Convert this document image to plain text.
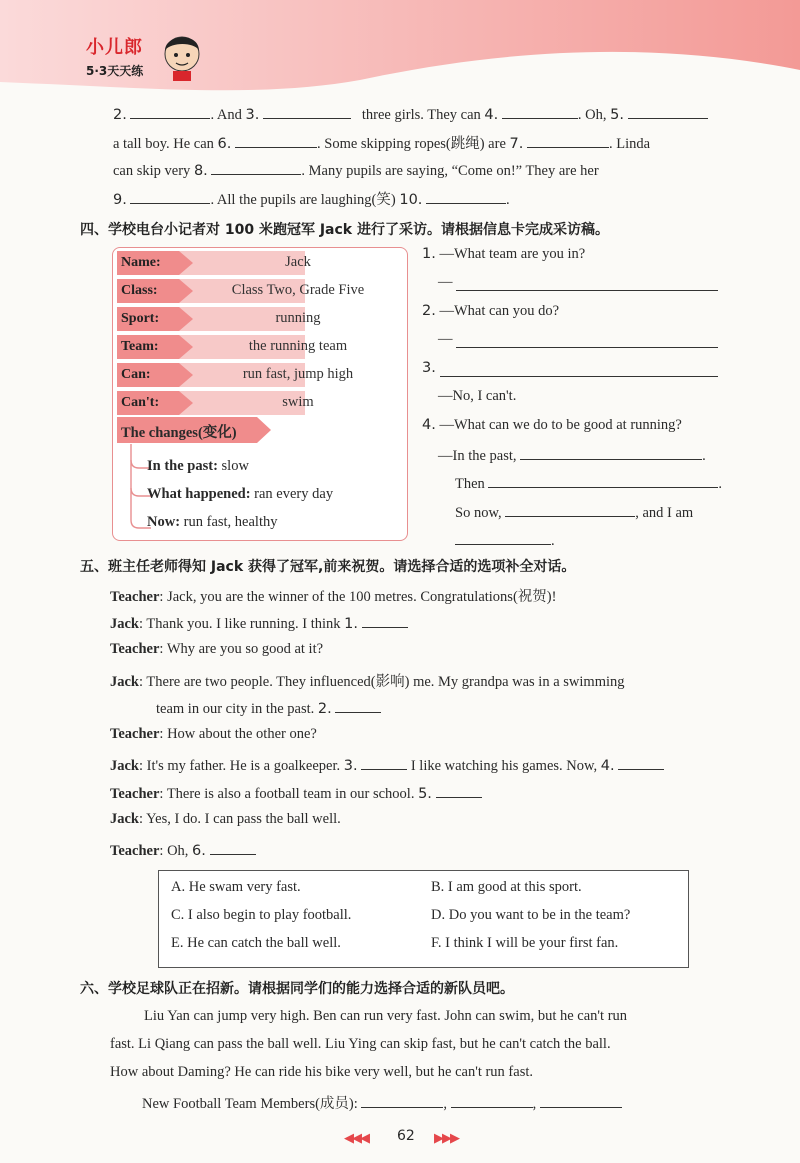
小儿郎
5·3天天练
2.	. And 3.	three girls. They can 4.	. Oh, 5.
a tall boy. He can 6.	. Some skipping ropes(跳绳) are 7.	. Linda
can skip very 8.	. Many pupils are saying, “Come on!” They are her
9.	. All the pupils are laughing(笑) 10.	.
四、学校电台小记者对 100 米跑冠军 Jack 进行了采访。请根据信息卡完成采访稿。
Name:	Jack
Class:	Class Two, Grade Five
Sport:	running
Team:	the running team
Can:	run fast, jump high
Can't:	swim
The changes(变化)
In the past: slow
What happened: ran every day
Now: run fast, healthy
1. —What team are you in?
—
2. —What can you do?
—
3.
—No, I can't.
4. —What can we do to be good at running?
—In the past,	.
Then	.
So now,	, and I am
.
五、班主任老师得知 Jack 获得了冠军,前来祝贺。请选择合适的选项补全对话。
Teacher: Jack, you are the winner of the 100 metres. Congratulations(祝贺)!
Jack: Thank you. I like running. I think 1.
Teacher: Why are you so good at it?
Jack: There are two people. They influenced(影响) me. My grandpa was in a swimming
team in our city in the past. 2.
Teacher: How about the other one?
Jack: It's my father. He is a goalkeeper. 3.	I like watching his games. Now, 4.
Teacher: There is also a football team in our school. 5.
Jack: Yes, I do. I can pass the ball well.
Teacher: Oh, 6.
A. He swam very fast.	B. I am good at this sport.
C. I also begin to play football.	D. Do you want to be in the team?
E. He can catch the ball well.	F. I think I will be your first fan.
六、学校足球队正在招新。请根据同学们的能力选择合适的新队员吧。
Liu Yan can jump very high. Ben can run very fast. John can swim, but he can't run
fast. Li Qiang can pass the ball well. Liu Ying can skip fast, but he can't catch the ball.
How about Daming? He can ride his bike very well, but he can't run fast.
New Football Team Members(成员):	,	,
◀◀◀ 62 ▶▶▶
